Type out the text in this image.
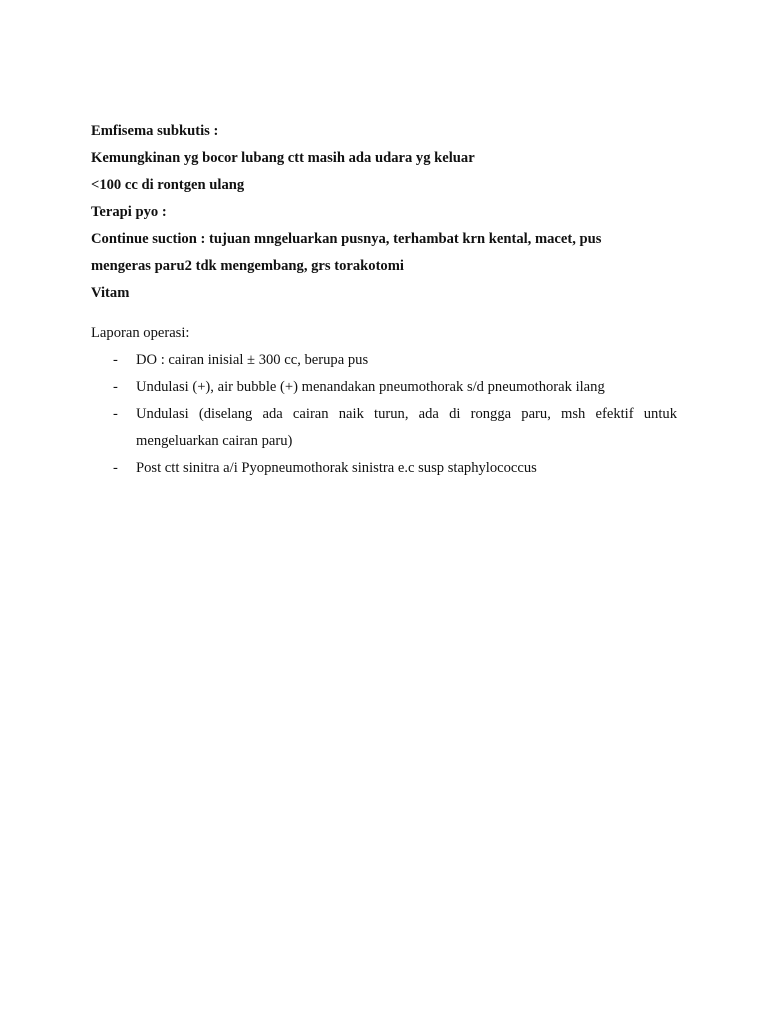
Emfisema subkutis :
Kemungkinan yg bocor lubang ctt masih ada udara yg keluar
<100 cc di rontgen ulang
Terapi pyo :
Continue suction : tujuan mngeluarkan pusnya, terhambat krn kental, macet, pus
mengeras paru2 tdk mengembang, grs torakotomi
Vitam
Laporan operasi:
- DO : cairan inisial ± 300 cc, berupa pus
- Undulasi (+), air bubble (+) menandakan pneumothorak s/d pneumothorak ilang
- Undulasi (diselang ada cairan naik turun, ada di rongga paru, msh efektif untuk mengeluarkan cairan paru)
- Post ctt sinitra a/i Pyopneumothorak sinistra e.c susp staphylococcus
